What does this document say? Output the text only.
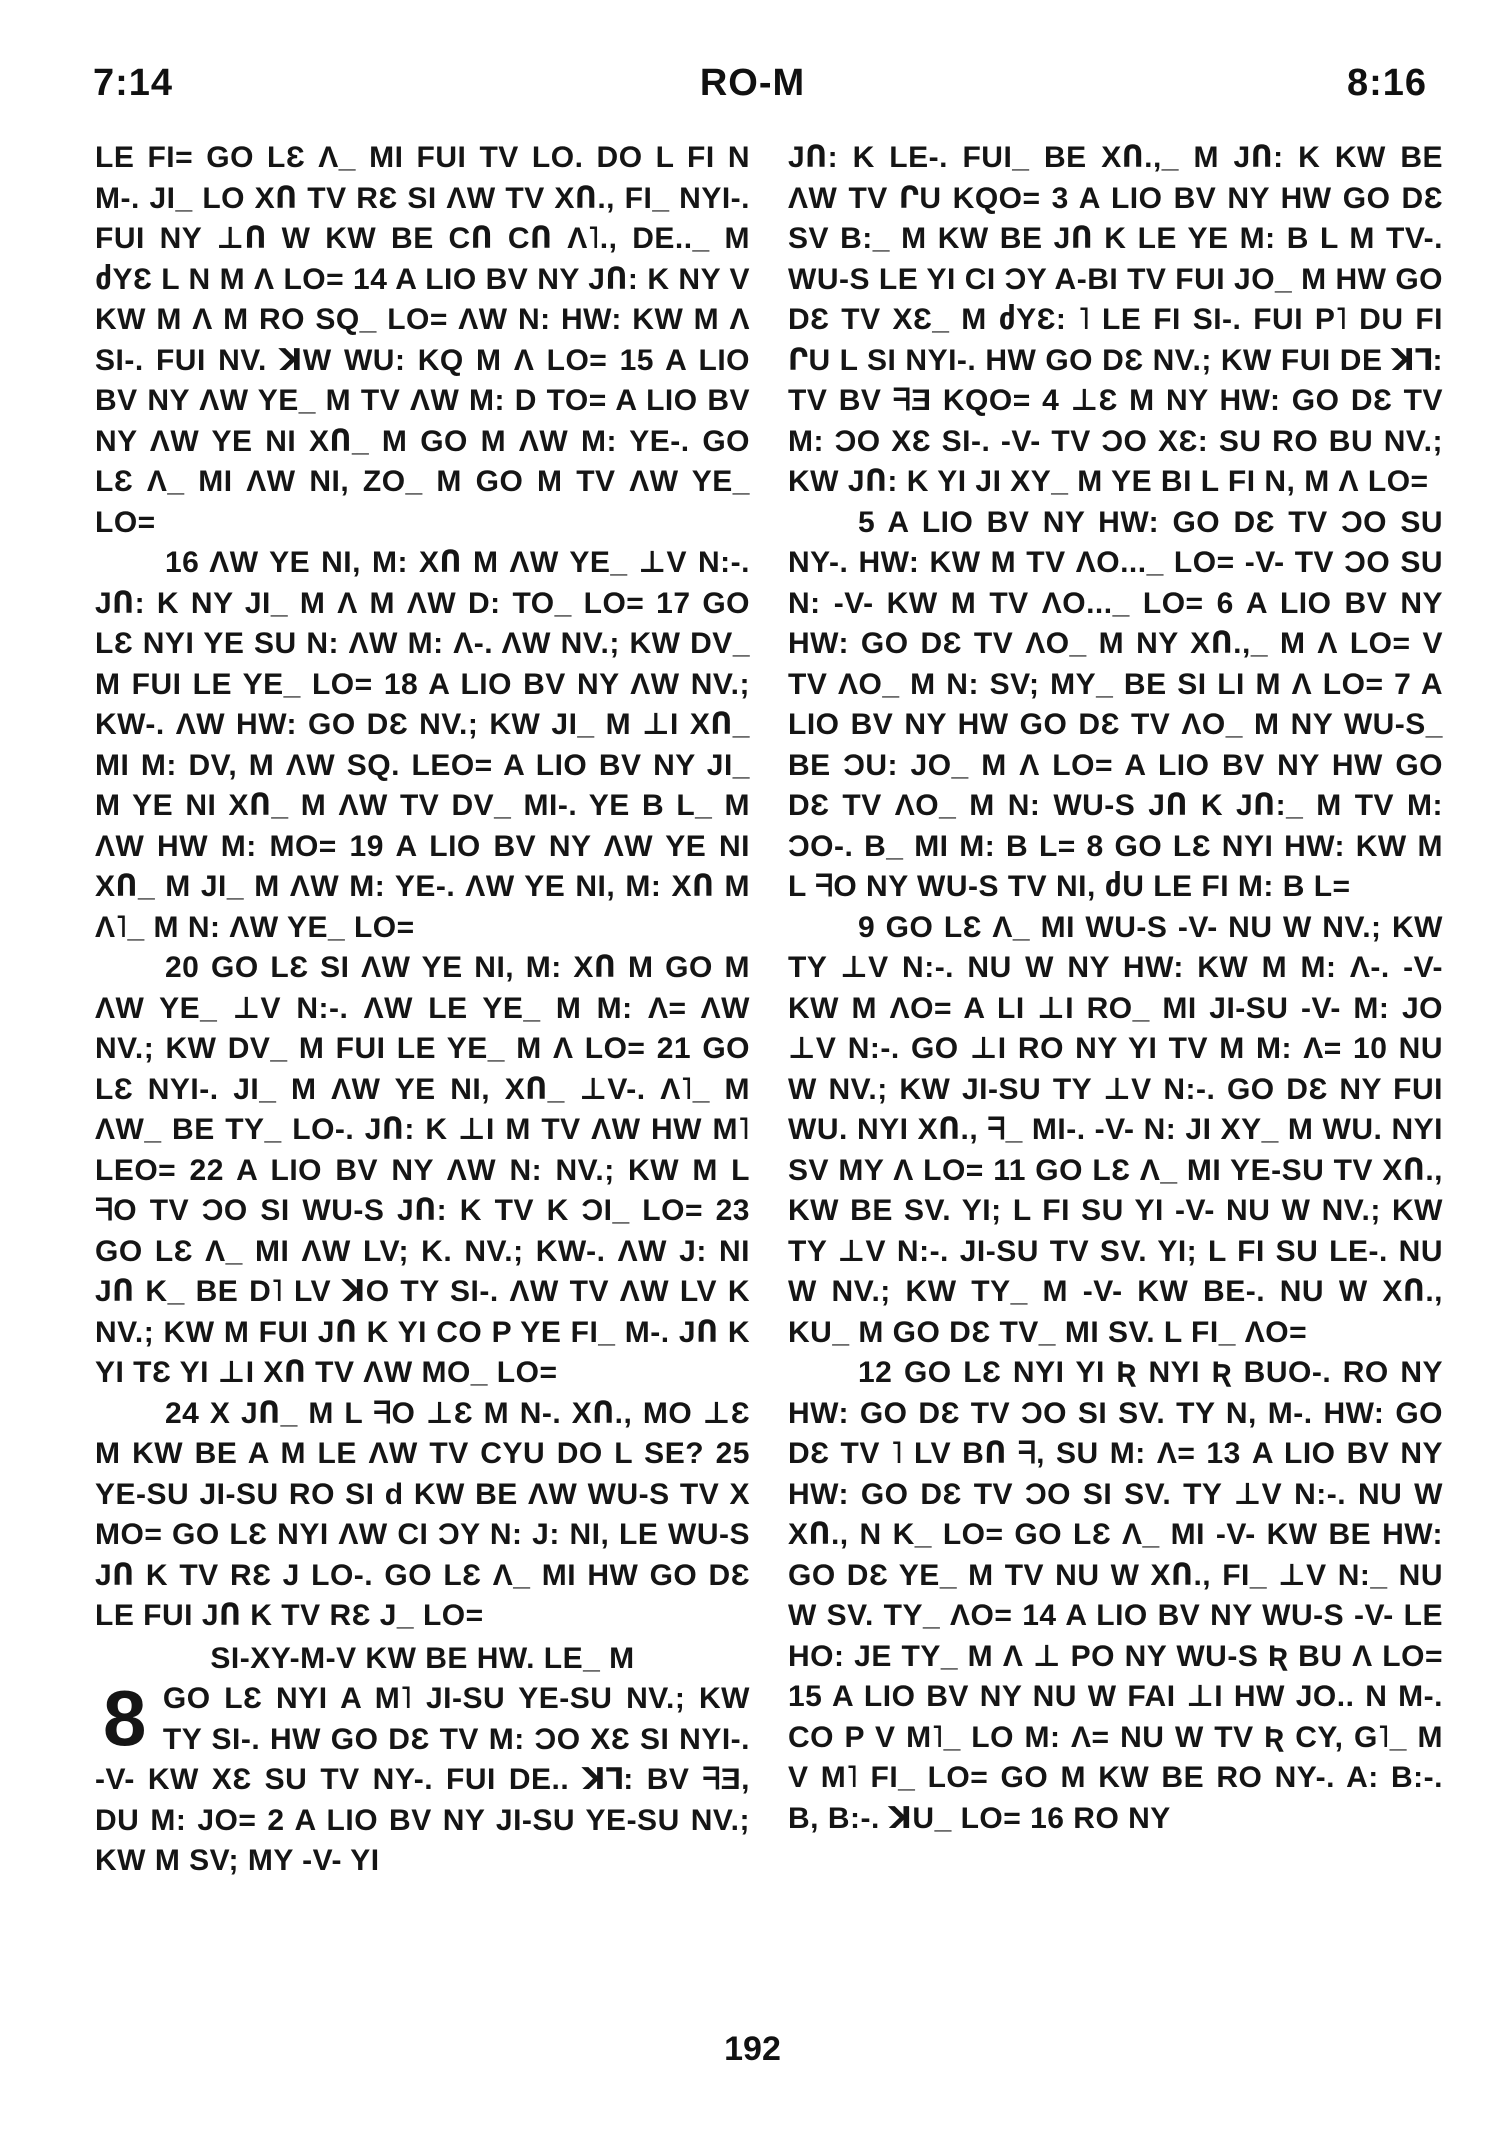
7:14	RO-M	8:16

LE FI= GO LƐ Λ_ MI FUI TV LO. DO L FI N M-. JI_ LO XՈ TV RƐ SI ΛW TV XՈ., FI_ NYI-. FUI NY ⊥Ո W KW BE CՈ CՈ Λ˥., DE.._ M ძYƐ L N M Λ LO= 14 A LIO BV NY JՈ: K NY V KW M Λ M RO SQ_ LO= ΛW N: HW: KW M Λ SI-. FUI NV. ꓘW WU: KQ M Λ LO= 15 A LIO BV NY ΛW YE_ M TV ΛW M: D TO= A LIO BV NY ΛW YE NI XՈ_ M GO M ΛW M: YE-. GO LƐ Λ_ MI ΛW NI, ZO_ M GO M TV ΛW YE_ LO=

16 ΛW YE NI, M: XՈ M ΛW YE_ ⊥V N:-. JՈ: K NY JI_ M Λ M ΛW D: TO_ LO= 17 GO LƐ NYI YE SU N: ΛW M: Λ-. ΛW NV.; KW DV_ M FUI LE YE_ LO= 18 A LIO BV NY ΛW NV.; KW-. ΛW HW: GO DƐ NV.; KW JI_ M ⊥I XՈ_ MI M: DV, M ΛW SQ. LEO= A LIO BV NY JI_ M YE NI XՈ_ M ΛW TV DV_ MI-. YE B L_ M ΛW HW M: MO= 19 A LIO BV NY ΛW YE NI XՈ_ M JI_ M ΛW M: YE-. ΛW YE NI, M: XՈ M Λ˥_ M N: ΛW YE_ LO=

20 GO LƐ SI ΛW YE NI, M: XՈ M GO M ΛW YE_ ⊥V N:-. ΛW LE YE_ M M: Λ= ΛW NV.; KW DV_ M FUI LE YE_ M Λ LO= 21 GO LƐ NYI-. JI_ M ΛW YE NI, XՈ_ ⊥V-. Λ˥_ M ΛW_ BE TY_ LO-. JՈ: K ⊥I M TV ΛW HW M˥ LEO= 22 A LIO BV NY ΛW N: NV.; KW M L ᖷO TV ƆO SI WU-S JՈ: K TV K ƆI_ LO= 23 GO LƐ Λ_ MI ΛW LV; K. NV.; KW-. ΛW J: NI JՈ K_ BE D˥ LV ꓘO TY SI-. ΛW TV ΛW LV K NV.; KW M FUI JՈ K YI CO P YE FI_ M-. JՈ K YI TƐ YI ⊥I XՈ TV ΛW MO_ LO=

24 X JՈ_ M L ᖷO ⊥Ɛ M N-. XՈ., MO ⊥Ɛ M KW BE A M LE ΛW TV CYU DO L SE? 25 YE-SU JI-SU RO SI ԁ KW BE ΛW WU-S TV X MO= GO LƐ NYI ΛW CI ƆY N: J: NI, LE WU-S JՈ K TV RƐ J LO-. GO LƐ Λ_ MI HW GO DƐ LE FUI JՈ K TV RƐ J_ LO=

SI-XY-M-V KW BE HW. LE_ M

8 GO LƐ NYI A M˥ JI-SU YE-SU NV.; KW TY SI-. HW GO DƐ TV M: ƆO XƐ SI NYI-. -V- KW XƐ SU TV NY-. FUI DE.. ꓘꓶ: BV ᖷƎ, DU M: JO= 2 A LIO BV NY JI-SU YE-SU NV.; KW M SV; MY -V- YI

JՈ: K LE-. FUI_ BE XՈ.,_ M JՈ: K KW BE ΛW TV ՐU KQO= 3 A LIO BV NY HW GO DƐ SV B:_ M KW BE JՈ K LE YE M: B L M TV-. WU-S LE YI CI ƆY A-BI TV FUI JO_ M HW GO DƐ TV XƐ_ M ძYƐ: ˥ LE FI SI-. FUI P˥ DU FI ՐU L SI NYI-. HW GO DƐ NV.; KW FUI DE ꓘꓶ: TV BV ᖷƎ KQO= 4 ⊥Ɛ M NY HW: GO DƐ TV M: ƆO XƐ SI-. -V- TV ƆO XƐ: SU RO BU NV.; KW JՈ: K YI JI XY_ M YE BI L FI N, M Λ LO=

5 A LIO BV NY HW: GO DƐ TV ƆO SU NY-. HW: KW M TV ΛO..._ LO= -V- TV ƆO SU N: -V- KW M TV ΛO..._ LO= 6 A LIO BV NY HW: GO DƐ TV ΛO_ M NY XՈ.,_ M Λ LO= V TV ΛO_ M N: SV; MY_ BE SI LI M Λ LO= 7 A LIO BV NY HW GO DƐ TV ΛO_ M NY WU-S_ BE ƆU: JO_ M Λ LO= A LIO BV NY HW GO DƐ TV ΛO_ M N: WU-S JՈ K JՈ:_ M TV M: ƆO-. B_ MI M: B L= 8 GO LƐ NYI HW: KW M L ᖷO NY WU-S TV NI, ძU LE FI M: B L=

9 GO LƐ Λ_ MI WU-S -V- NU W NV.; KW TY ⊥V N:-. NU W NY HW: KW M M: Λ-. -V- KW M ΛO= A LI ⊥I RO_ MI JI-SU -V- M: JO ⊥V N:-. GO ⊥I RO NY YI TV M M: Λ= 10 NU W NV.; KW JI-SU TY ⊥V N:-. GO DƐ NY FUI WU. NYI XՈ., ᖷ_ MI-. -V- N: JI XY_ M WU. NYI SV MY Λ LO= 11 GO LƐ Λ_ MI YE-SU TV XՈ., KW BE SV. YI; L FI SU YI -V- NU W NV.; KW TY ⊥V N:-. JI-SU TV SV. YI; L FI SU LE-. NU W NV.; KW TY_ M -V- KW BE-. NU W XՈ., KU_ M GO DƐ TV_ MI SV. L FI_ ΛO=

12 GO LƐ NYI YI Ʀ NYI Ʀ BUO-. RO NY HW: GO DƐ TV ƆO SI SV. TY N, M-. HW: GO DƐ TV ˥ LV BՈ ᖷ, SU M: Λ= 13 A LIO BV NY HW: GO DƐ TV ƆO SI SV. TY ⊥V N:-. NU W XՈ., N K_ LO= GO LƐ Λ_ MI -V- KW BE HW: GO DƐ YE_ M TV NU W XՈ., FI_ ⊥V N:_ NU W SV. TY_ ΛO= 14 A LIO BV NY WU-S -V- LE HO: JE TY_ M Λ ⊥ PO NY WU-S Ʀ BU Λ LO= 15 A LIO BV NY NU W FAI ⊥I HW JO.. N M-. CO P V M˥_ LO M: Λ= NU W TV Ʀ CY, G˥_ M V M˥ FI_ LO= GO M KW BE RO NY-. A: B:-. B, B:-. ꓘU_ LO= 16 RO NY

192
